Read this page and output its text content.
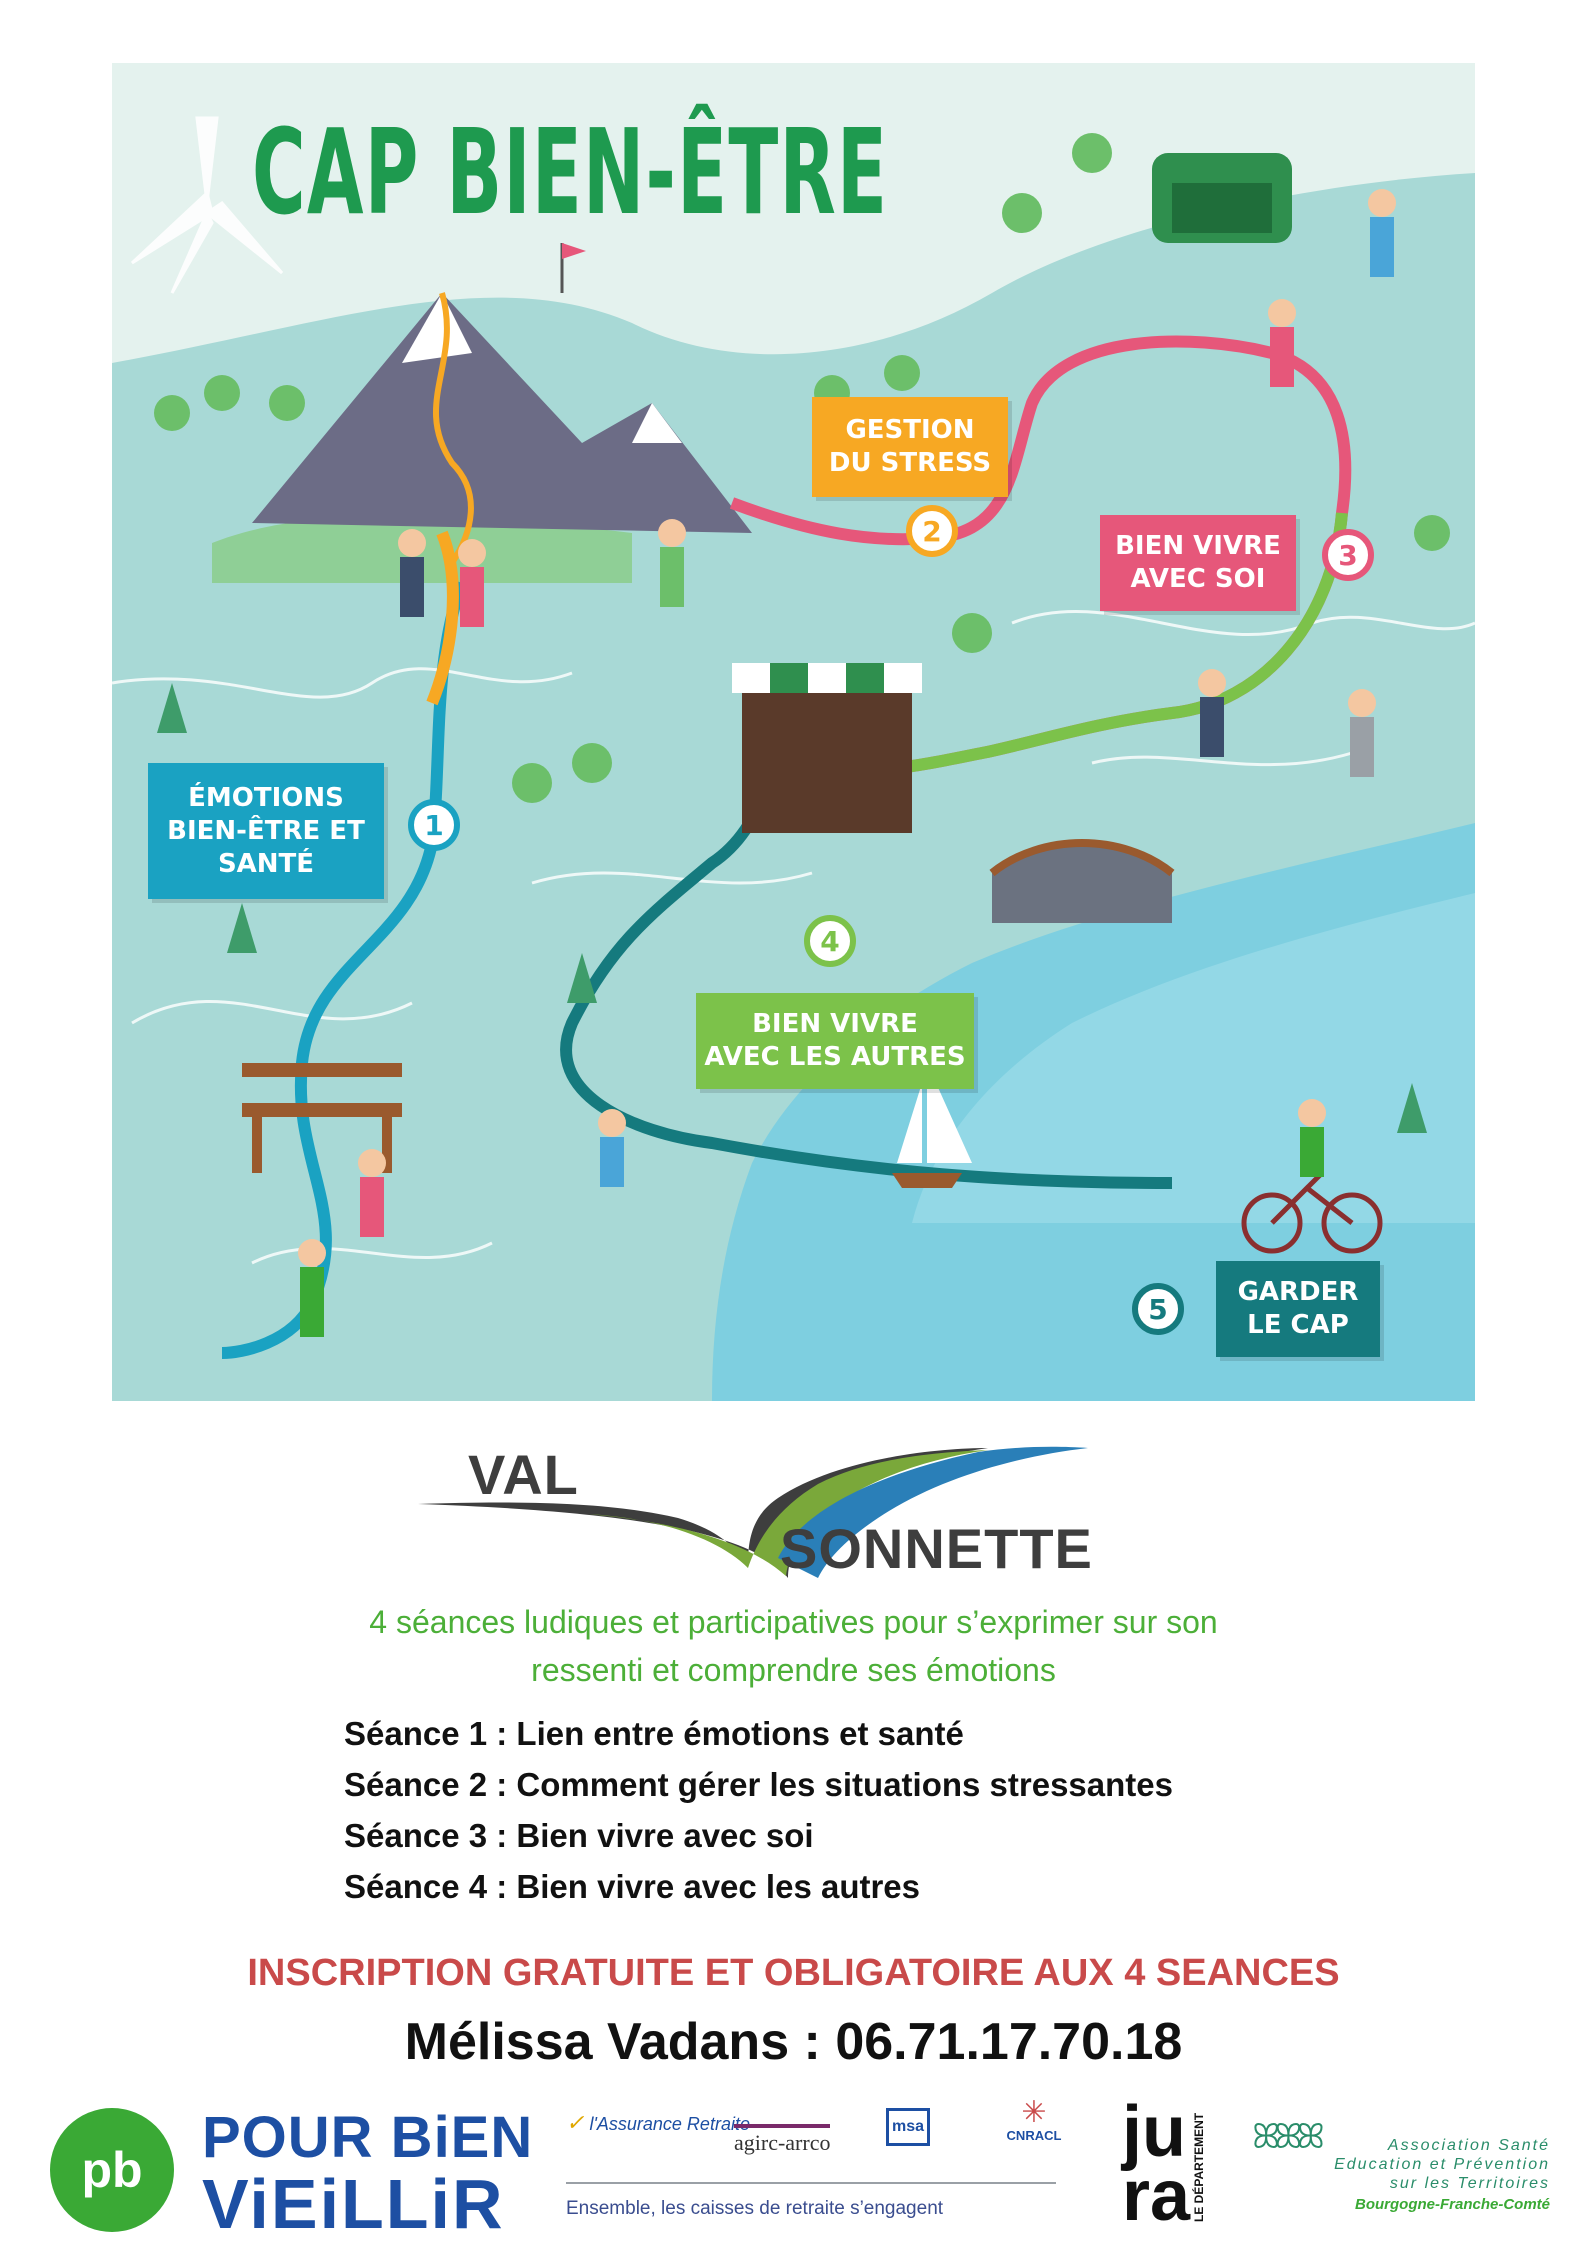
CAP BIEN-ÊTRE
ÉMOTIONS
BIEN-ÊTRE ET
SANTÉ
1
GESTION
DU STRESS
2	BIEN VIVRE
AVEC SOI
3
BIEN VIVRE
AVEC LES AUTRES
4
GARDER
LE CAP
5
VAL
SONNETTE
4 séances ludiques et participatives pour s’exprimer sur son
ressenti et comprendre ses émotions
Séance 1 : Lien entre émotions et santé
Séance 2 : Comment gérer les situations stressantes
Séance 3 : Bien vivre avec soi
Séance 4 : Bien vivre avec les autres
INSCRIPTION GRATUITE ET OBLIGATOIRE AUX 4 SEANCES
Mélissa Vadans : 06.71.17.70.18
pb POUR BiEN
ViEiLLiR
✓ l'Assurance Retraite
agirc-arrco
msa	✳
CNRACL
Ensemble, les caisses de retraite s’engagent
ju
ra LE DÉPARTEMENT ꕤꕤꕤ	Association Santé
Education et Prévention
sur les Territoires
Bourgogne-Franche-Comté
